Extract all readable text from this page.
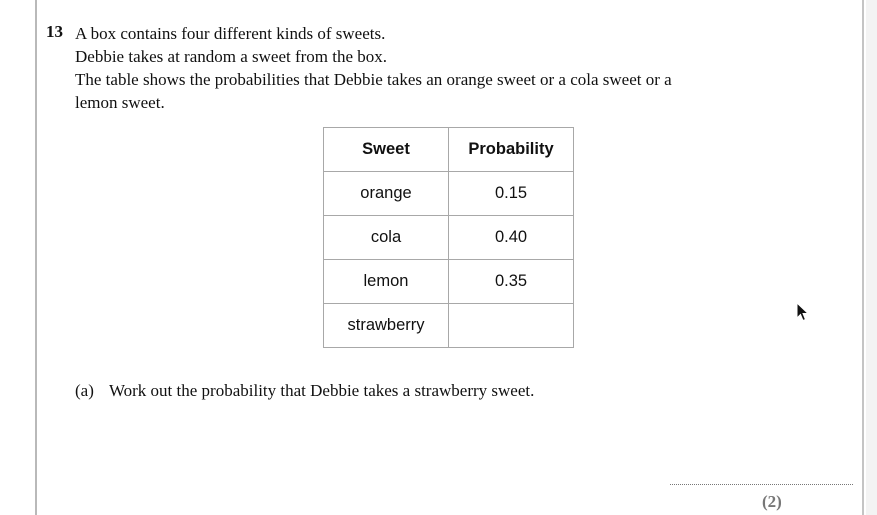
13 A box contains four different kinds of sweets.
Debbie takes at random a sweet from the box.
The table shows the probabilities that Debbie takes an orange sweet or a cola sweet or a
lemon sweet.
Sweet	Probability
orange	0.15
cola	0.40
lemon	0.35
strawberry	
(a) Work out the probability that Debbie takes a strawberry sweet.
(2)
